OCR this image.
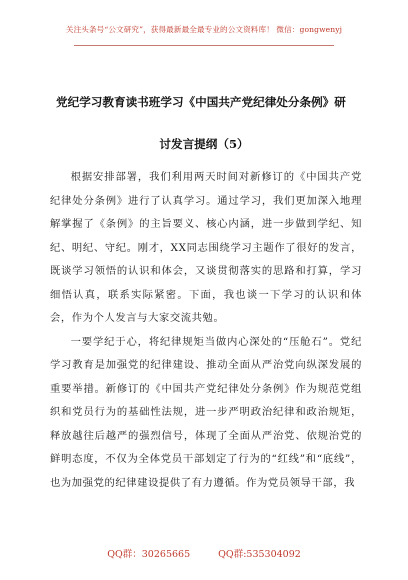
关注头条号“公文研究”，获得最新最全最专业的公文资料库！ 微信：gongwenyj
党纪学习教育读书班学习《中国共产党纪律处分条例》研
讨发言提纲（5）

根据安排部署，我们利用两天时间对新修订的《中国共产党纪律处分条例》进行了认真学习。通过学习，我们更加深入地理解掌握了《条例》的主旨要义、核心内涵，进一步做到学纪、知纪、明纪、守纪。刚才，XX同志围绕学习主题作了很好的发言，既谈学习领悟的认识和体会，又谈贯彻落实的思路和打算，学习细悟认真，联系实际紧密。下面，我也谈一下学习的认识和体会，作为个人发言与大家交流共勉。

一要学纪于心，将纪律规矩当做内心深处的“压舱石”。党纪学习教育是加强党的纪律建设、推动全面从严治党向纵深发展的重要举措。新修订的《中国共产党纪律处分条例》作为规范党组织和党员行为的基础性法规，进一步严明政治纪律和政治规矩，释放越往后越严的强烈信号，体现了全面从严治党、依规治党的鲜明态度，不仅为全体党员干部划定了行为的“红线”和“底线”，也为加强党的纪律建设提供了有力遵循。作为党员领导干部，我

QQ群：30265665	QQ群:535304092
